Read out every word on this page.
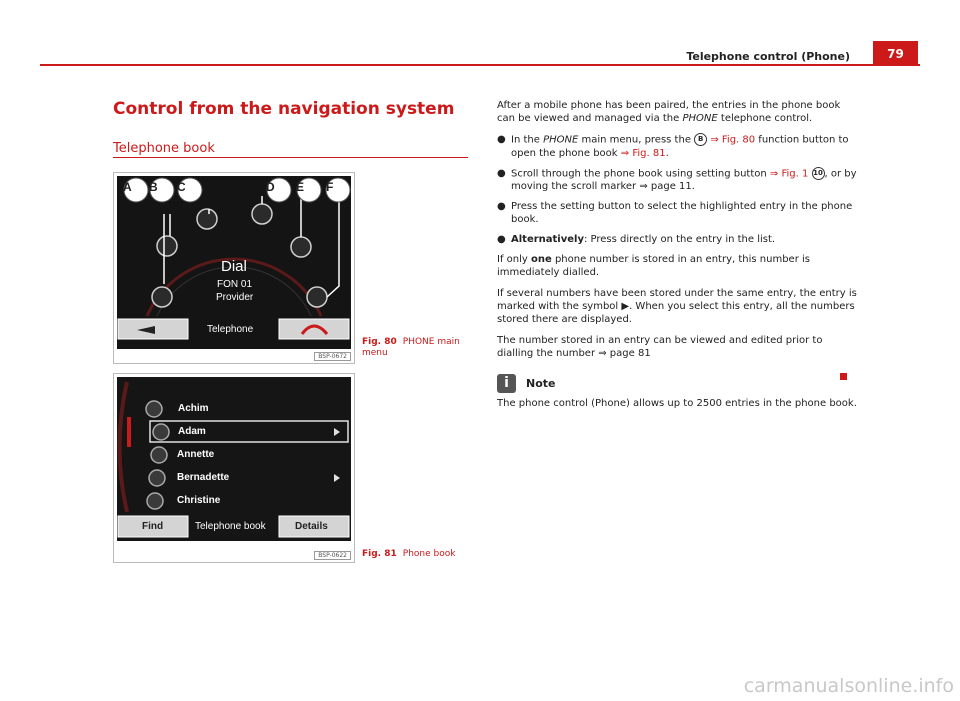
79
Telephone control (Phone)
Control from the navigation system
Telephone book
A B C	D E F
Dial
FON 01
Provider
Telephone
BSP-0672
Fig. 80 PHONE main menu
Achim
Adam
Annette
Bernadette
Christine
Find	Telephone book	Details
BSP-0622	Fig. 81 Phone book

After a mobile phone has been paired, the entries in the phone book can be viewed and managed via the PHONE telephone control.

● In the PHONE main menu, press the B ⇒ Fig. 80 function button to open the phone book ⇒ Fig. 81.
● Scroll through the phone book using setting button ⇒ Fig. 1 10 , or by moving the scroll marker ⇒ page 11.
● Press the setting button to select the highlighted entry in the phone book.
● Alternatively: Press directly on the entry in the list.

If only one phone number is stored in an entry, this number is immediately dialled.

If several numbers have been stored under the same entry, the entry is marked with the symbol ▶. When you select this entry, all the numbers stored there are displayed.

The number stored in an entry can be viewed and edited prior to dialling the number ⇒ page 81

i	Note

The phone control (Phone) allows up to 2500 entries in the phone book.

carmanualsonline.info
